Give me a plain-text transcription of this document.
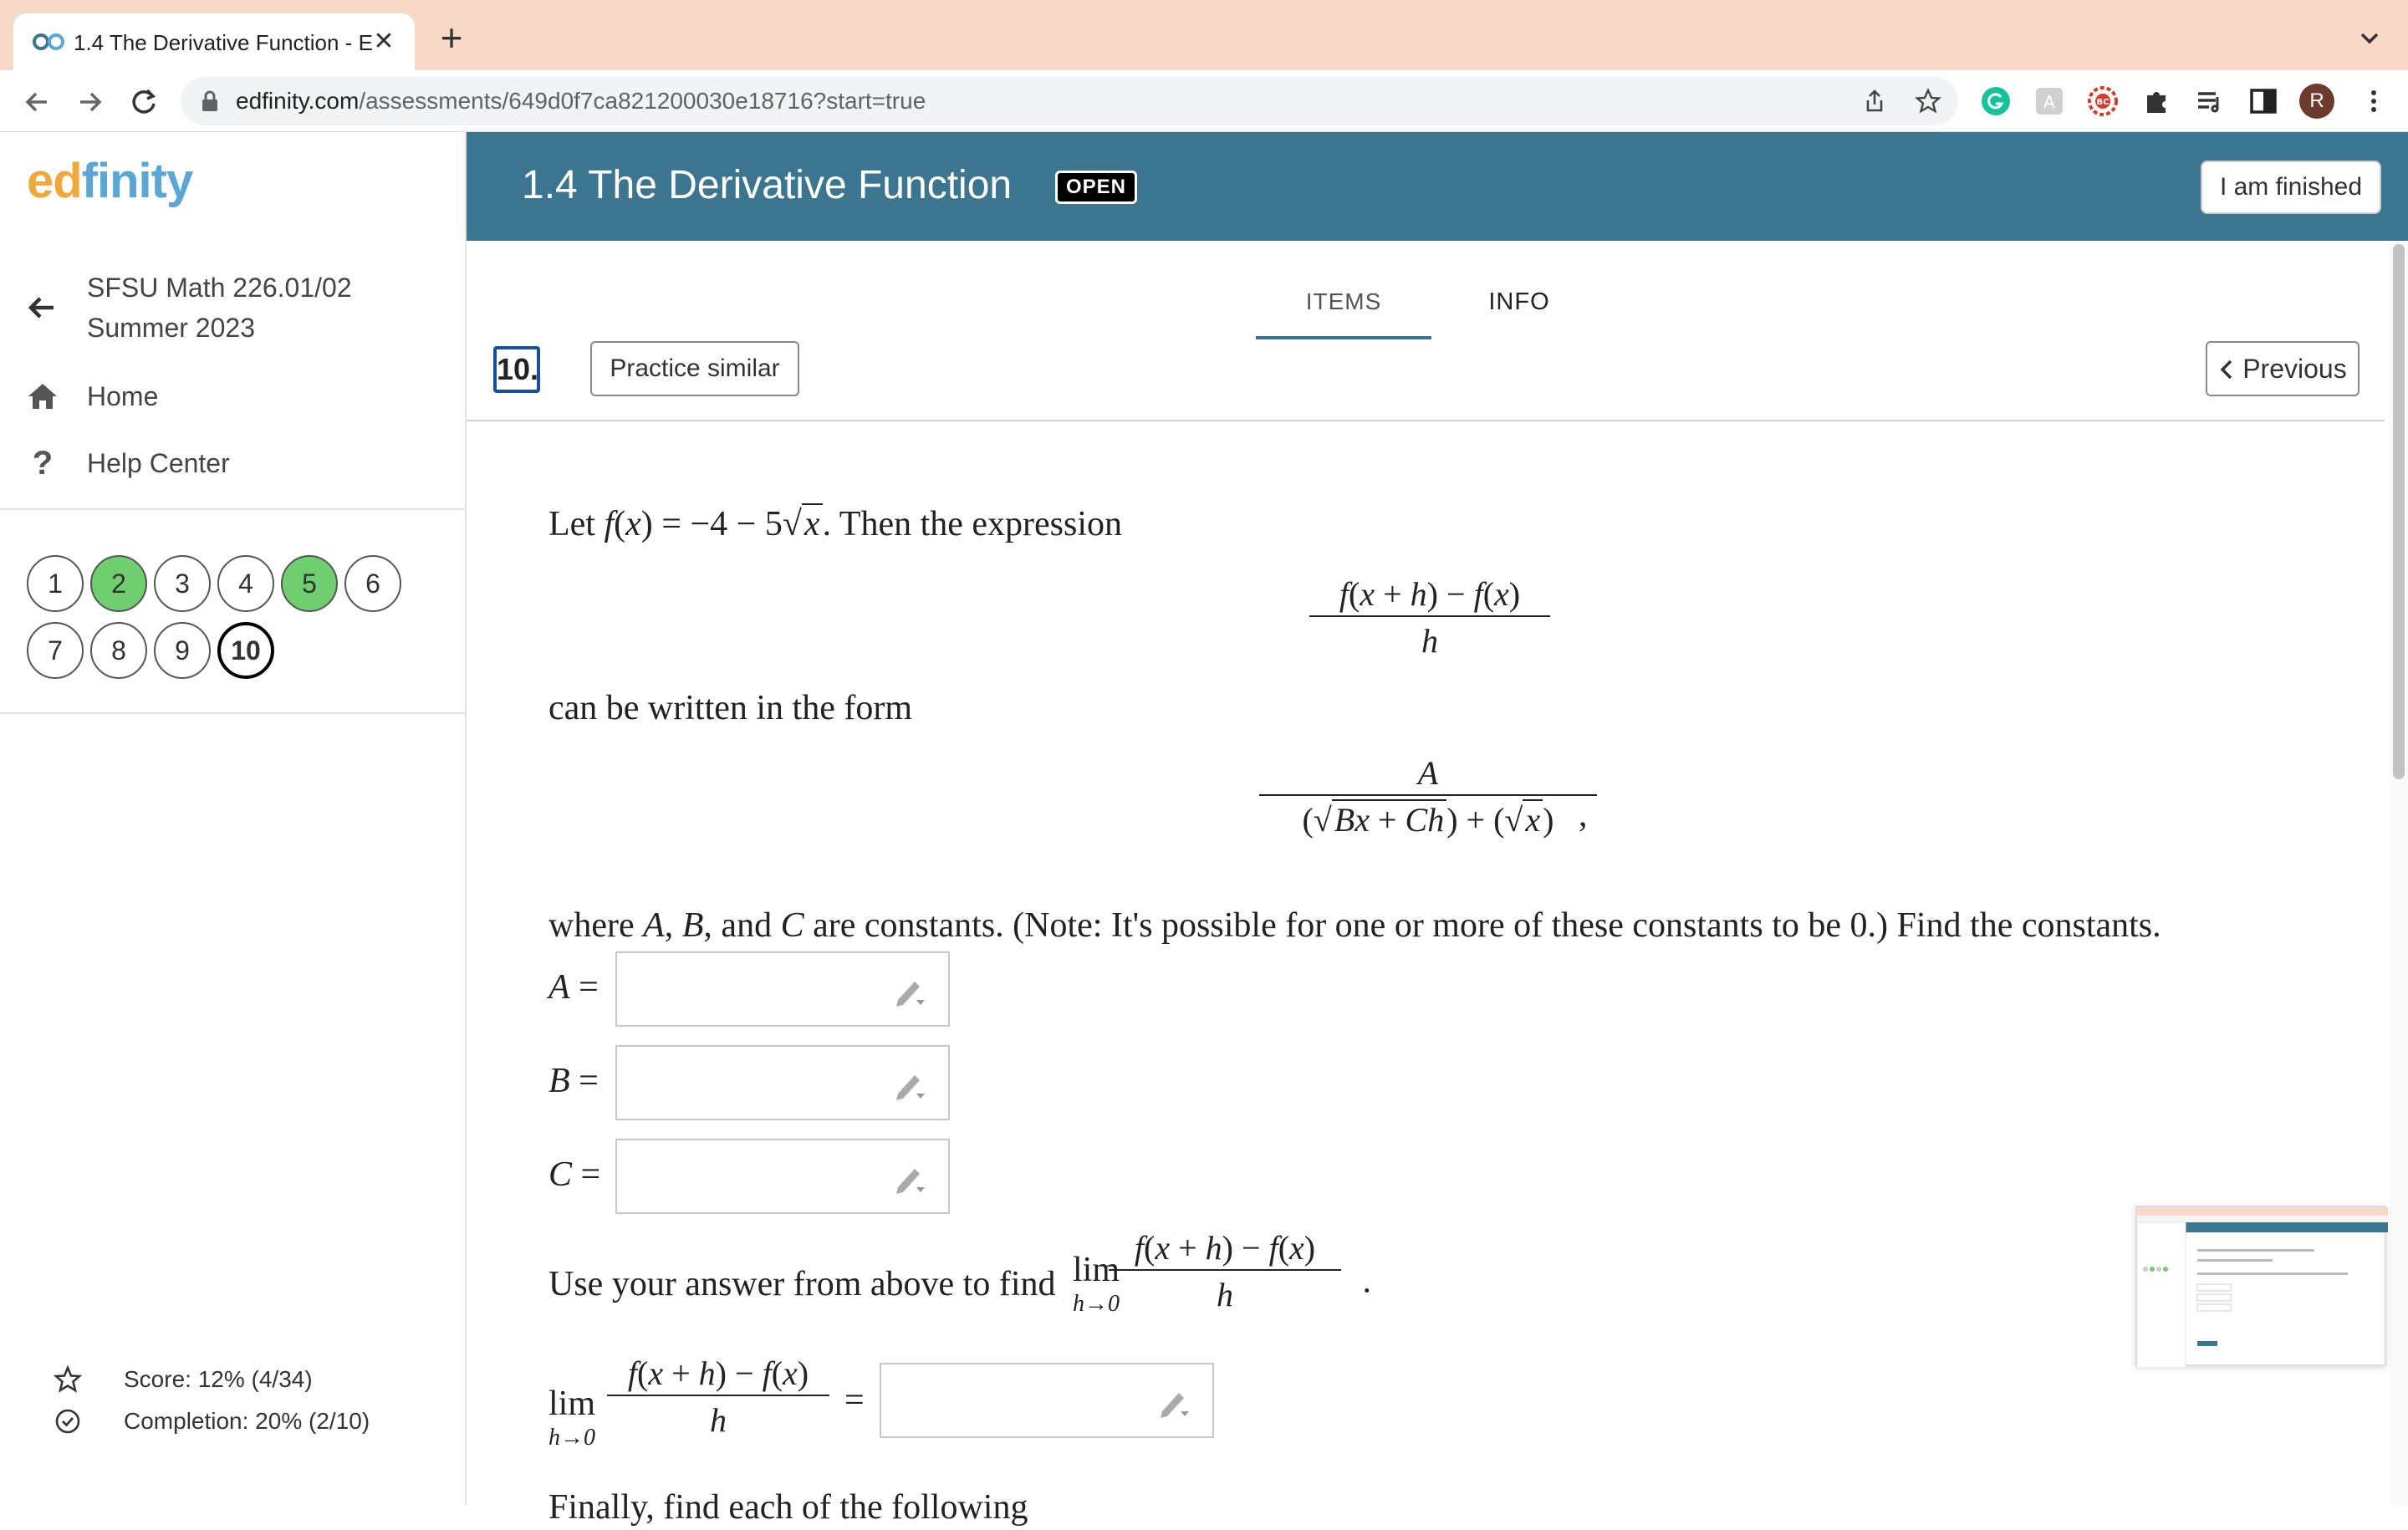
1.4 The Derivative Function - E ✕ +
edfinity.com/assessments/649d0f7ca821200030e18716?start=true	A	BC	R
edfinity
SFSU Math 226.01/02
Summer 2023
Home
? Help Center
1	2	3	4	5	6
7	8	9	10
Score: 12% (4/34)
Completion: 20% (2/10)
1.4 The Derivative Function	OPEN	I am finished
ITEMS	INFO
10.	Practice similar	Previous
Let f(x) = −4 − 5√x. Then the expression
$\frac{f(x + h) - f(x)}{h}$
can be written in the form
$\frac{A}{(√Bx + Ch) + (√x)}$
,
where A, B, and C are constants. (Note: It's possible for one or more of these constants to be 0.) Find the constants.
A =
B =
C =
Use your answer from above to find lim
h→0
.
$\frac{f(x + h) - f(x)}{h}$
lim
$h\to 0 \frac{f(x + h) - f(x)}{h}$ =
Finally, find each of the following
